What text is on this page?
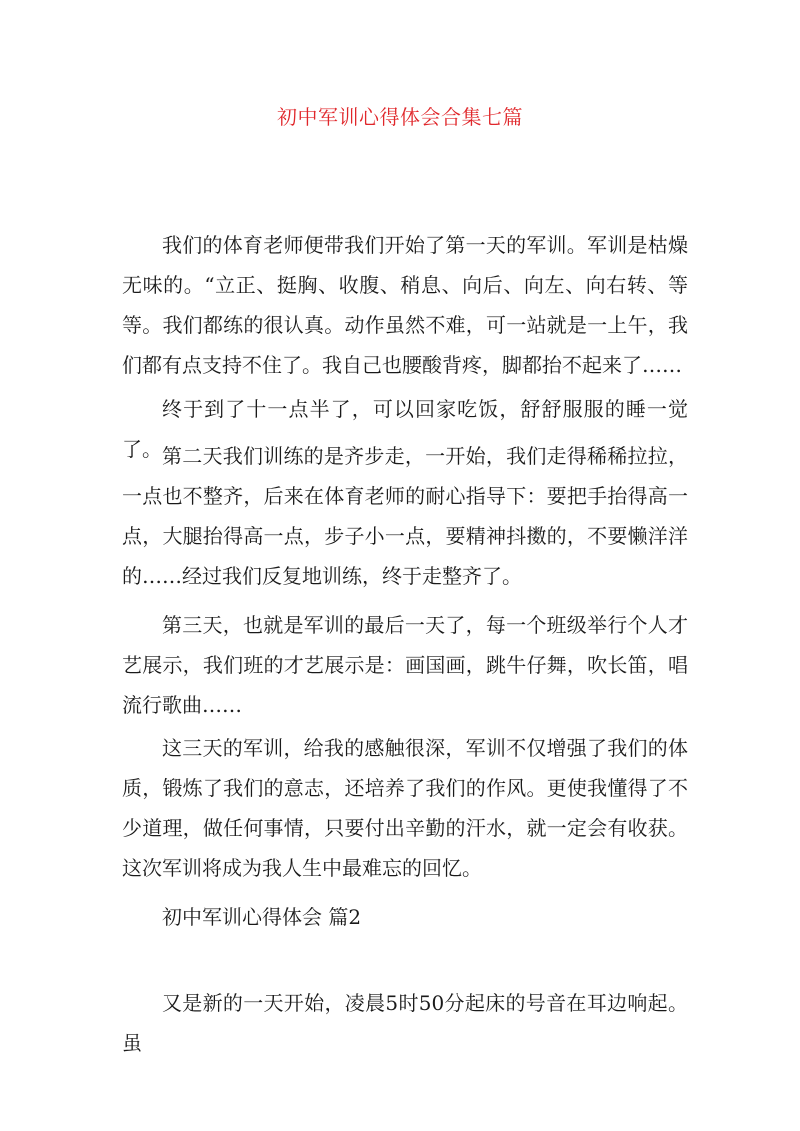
初中军训心得体会合集七篇

我们的体育老师便带我们开始了第一天的军训。军训是枯燥无味的。“立正、挺胸、收腹、稍息、向后、向左、向右转、等等。我们都练的很认真。动作虽然不难，可一站就是一上午，我们都有点支持不住了。我自己也腰酸背疼，脚都抬不起来了……

终于到了十一点半了，可以回家吃饭，舒舒服服的睡一觉了。 第二天我们训练的是齐步走，一开始，我们走得稀稀拉拉，一点也不整齐，后来在体育老师的耐心指导下：要把手抬得高一点，大腿抬得高一点，步子小一点，要精神抖擞的，不要懒洋洋的……经过我们反复地训练，终于走整齐了。

第三天，也就是军训的最后一天了，每一个班级举行个人才艺展示，我们班的才艺展示是：画国画，跳牛仔舞，吹长笛，唱流行歌曲……

这三天的军训，给我的感触很深，军训不仅增强了我们的体质，锻炼了我们的意志，还培养了我们的作风。更使我懂得了不少道理，做任何事情，只要付出辛勤的汗水，就一定会有收获。这次军训将成为我人生中最难忘的回忆。

初中军训心得体会 篇2

又是新的一天开始，凌晨5时50分起床的号音在耳边响起。虽
